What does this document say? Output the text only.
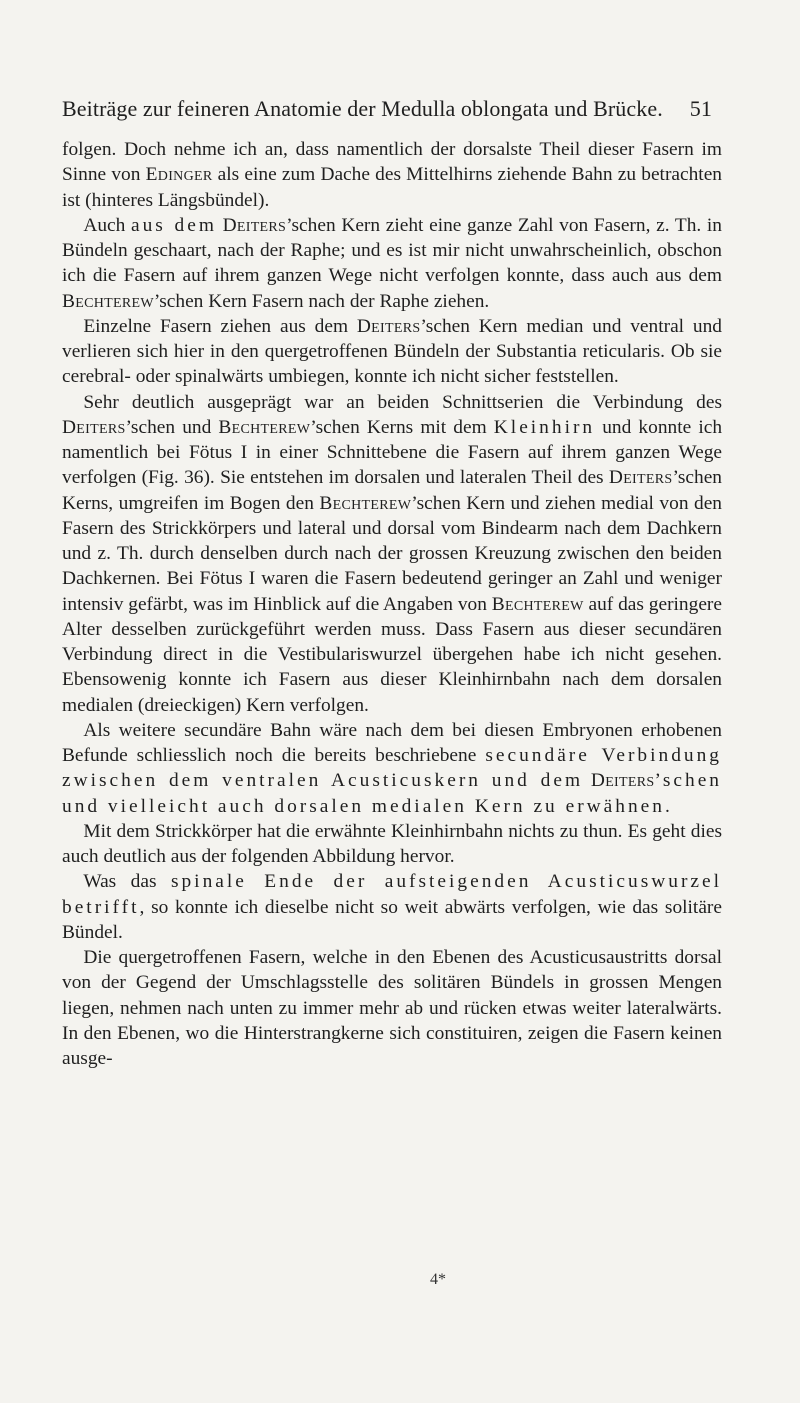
Beiträge zur feineren Anatomie der Medulla oblongata und Brücke. 51

folgen. Doch nehme ich an, dass namentlich der dorsalste Theil dieser Fasern im Sinne von Edinger als eine zum Dache des Mittelhirns ziehende Bahn zu betrachten ist (hinteres Längsbündel).

Auch aus dem Deiters’schen Kern zieht eine ganze Zahl von Fasern, z. Th. in Bündeln geschaart, nach der Raphe; und es ist mir nicht unwahrscheinlich, obschon ich die Fasern auf ihrem ganzen Wege nicht verfolgen konnte, dass auch aus dem Bechterew’schen Kern Fasern nach der Raphe ziehen.

Einzelne Fasern ziehen aus dem Deiters’schen Kern median und ventral und verlieren sich hier in den quergetroffenen Bündeln der Substantia reticularis. Ob sie cerebral- oder spinalwärts umbiegen, konnte ich nicht sicher feststellen.

Sehr deutlich ausgeprägt war an beiden Schnittserien die Verbindung des Deiters’schen und Bechterew’schen Kerns mit dem Kleinhirn und konnte ich namentlich bei Fötus I in einer Schnittebene die Fasern auf ihrem ganzen Wege verfolgen (Fig. 36). Sie entstehen im dorsalen und lateralen Theil des Deiters’schen Kerns, umgreifen im Bogen den Bechterew’schen Kern und ziehen medial von den Fasern des Strickkörpers und lateral und dorsal vom Bindearm nach dem Dachkern und z. Th. durch denselben durch nach der grossen Kreuzung zwischen den beiden Dachkernen. Bei Fötus I waren die Fasern bedeutend geringer an Zahl und weniger intensiv gefärbt, was im Hinblick auf die Angaben von Bechterew auf das geringere Alter desselben zurückgeführt werden muss. Dass Fasern aus dieser secundären Verbindung direct in die Vestibulariswurzel übergehen habe ich nicht gesehen. Ebensowenig konnte ich Fasern aus dieser Kleinhirnbahn nach dem dorsalen medialen (dreieckigen) Kern verfolgen.

Als weitere secundäre Bahn wäre nach dem bei diesen Embryonen erhobenen Befunde schliesslich noch die bereits beschriebene secundäre Verbindung zwischen dem ventralen Acusticuskern und dem Deiters’schen und vielleicht auch dorsalen medialen Kern zu erwähnen.

Mit dem Strickkörper hat die erwähnte Kleinhirnbahn nichts zu thun. Es geht dies auch deutlich aus der folgenden Abbildung hervor.

Was das spinale Ende der aufsteigenden Acusticuswurzel betrifft, so konnte ich dieselbe nicht so weit abwärts verfolgen, wie das solitäre Bündel.

Die quergetroffenen Fasern, welche in den Ebenen des Acusticusaustritts dorsal von der Gegend der Umschlagsstelle des solitären Bündels in grossen Mengen liegen, nehmen nach unten zu immer mehr ab und rücken etwas weiter lateralwärts. In den Ebenen, wo die Hinterstrangkerne sich constituiren, zeigen die Fasern keinen ausge-

4*
